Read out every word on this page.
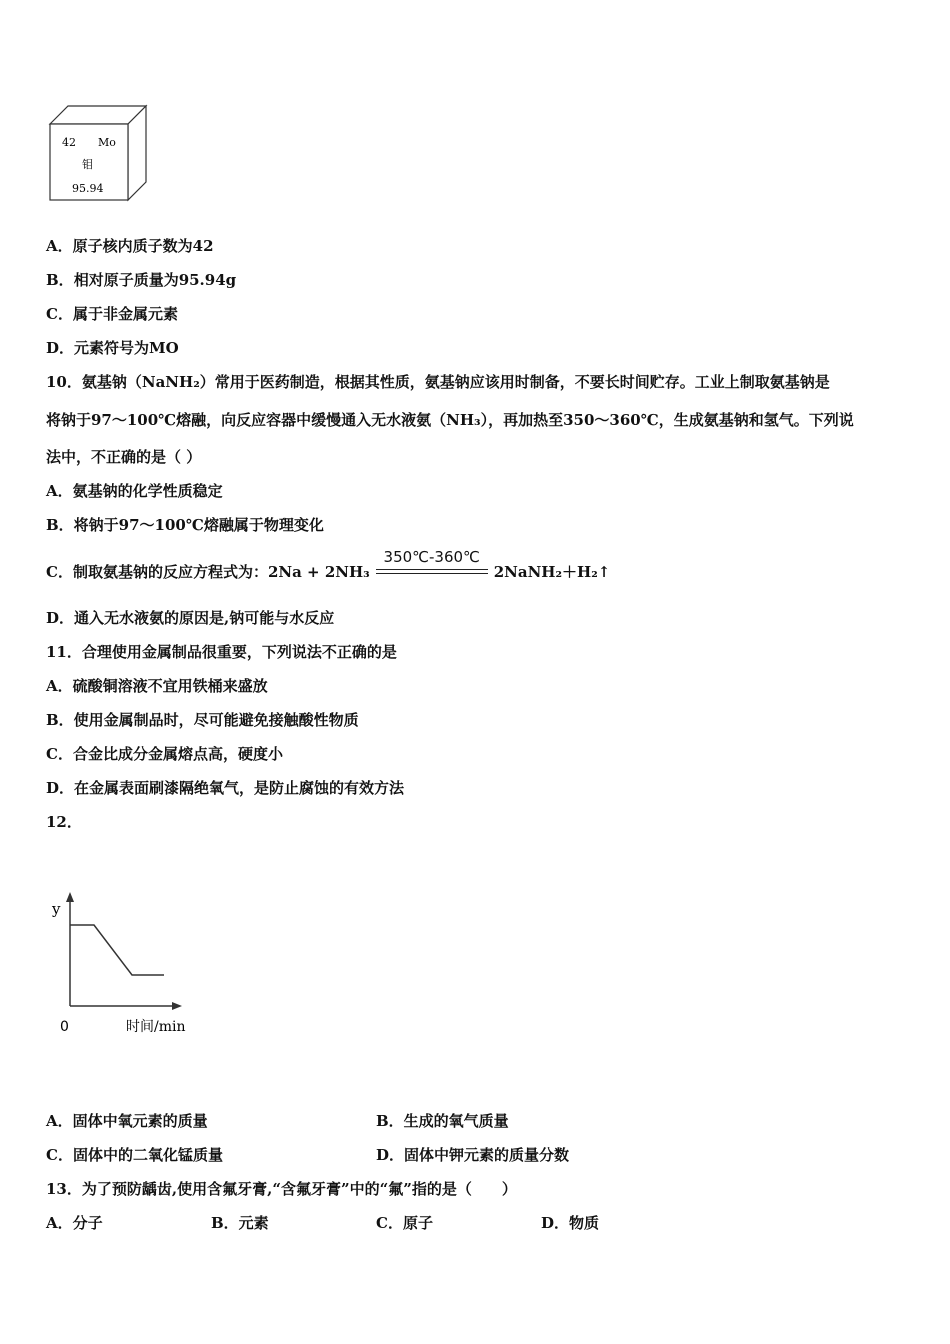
42 Mo
钼
95.94
A．原子核内质子数为42
B．相对原子质量为95.94g
C．属于非金属元素
D．元素符号为MO
10．氨基钠（NaNH₂）常用于医药制造，根据其性质，氨基钠应该用时制备，不要长时间贮存。工业上制取氨基钠是
将钠于97～100℃熔融，向反应容器中缓慢通入无水液氨（NH₃），再加热至350～360℃，生成氨基钠和氢气。下列说
法中，不正确的是（ ）
A．氨基钠的化学性质稳定
B．将钠于97～100℃熔融属于物理变化
C．制取氨基钠的反应方程式为：2Na + 2NH₃
350℃-360℃
2NaNH₂＋H₂↑
D．通入无水液氨的原因是,钠可能与水反应
11．合理使用金属制品很重要，下列说法不正确的是
A．硫酸铜溶液不宜用铁桶来盛放
B．使用金属制品时，尽可能避免接触酸性物质
C．合金比成分金属熔点高，硬度小
D．在金属表面刷漆隔绝氧气，是防止腐蚀的有效方法
12．
y
0	时间/min
A．固体中氧元素的质量	B．生成的氧气质量
C．固体中的二氧化锰质量	D．固体中钾元素的质量分数
13．为了预防龋齿,使用含氟牙膏,“含氟牙膏”中的“氟”指的是（　　）
A．分子	B．元素	C．原子	D．物质
